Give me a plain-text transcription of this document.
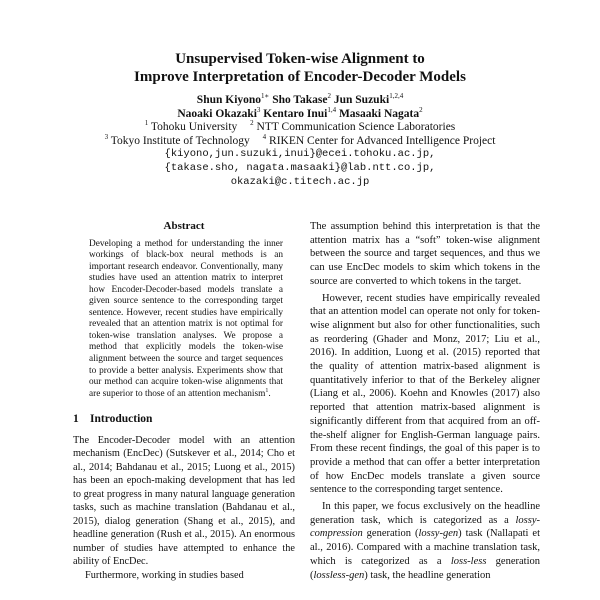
Unsupervised Token-wise Alignment to
Improve Interpretation of Encoder-Decoder Models
Shun Kiyono$^{1∗}$ Sho Takase$^2$ Jun Suzuki$^{1,2,4}$
Naoaki Okazaki$^3$ Kentaro Inui$^{1,4}$ Masaaki Nagata$^2$
$^1$ Tohoku University $^2$ NTT Communication Science Laboratories
$^3$ Tokyo Institute of Technology $^4$ RIKEN Center for Advanced Intelligence Project
{kiyono,jun.suzuki,inui}@ecei.tohoku.ac.jp,
{takase.sho, nagata.masaaki}@lab.ntt.co.jp,
okazaki@c.titech.ac.jp
Abstract
Developing a method for understanding the inner workings of black-box neural methods is an important research endeavor. Conventionally, many studies have used an attention matrix to interpret how Encoder-Decoder-based models translate a given source sentence to the corresponding target sentence. However, recent studies have empirically revealed that an attention matrix is not optimal for token-wise translation analyses. We propose a method that explicitly models the token-wise alignment between the source and target sequences to provide a better analysis. Experiments show that our method can acquire token-wise alignments that are superior to those of an attention mechanism$^1$.
1 Introduction

The Encoder-Decoder model with an attention mechanism (EncDec) (Sutskever et al., 2014; Cho et al., 2014; Bahdanau et al., 2015; Luong et al., 2015) has been an epoch-making development that has led to great progress in many natural language generation tasks, such as machine translation (Bahdanau et al., 2015), dialog generation (Shang et al., 2015), and headline generation (Rush et al., 2015). An enormous number of studies have attempted to enhance the ability of EncDec.

Furthermore, working in studies based

The assumption behind this interpretation is that the attention matrix has a “soft” token-wise alignment between the source and target sequences, and thus we can use EncDec models to skim which tokens in the source are converted to which tokens in the target.

However, recent studies have empirically revealed that an attention model can operate not only for token-wise alignment but also for other functionalities, such as reordering (Ghader and Monz, 2017; Liu et al., 2016). In addition, Luong et al. (2015) reported that the quality of attention matrix-based alignment is quantitatively inferior to that of the Berkeley aligner (Liang et al., 2006). Koehn and Knowles (2017) also reported that attention matrix-based alignment is significantly different from that acquired from an off-the-shelf aligner for English-German language pairs. From these recent findings, the goal of this paper is to provide a method that can offer a better interpretation of how EncDec models translate a given source sentence to the corresponding target sentence.

In this paper, we focus exclusively on the headline generation task, which is categorized as a lossy-compression generation (lossy-gen) task (Nallapati et al., 2016). Compared with a machine translation task, which is categorized as a loss-less generation (lossless-gen) task, the headline generation
